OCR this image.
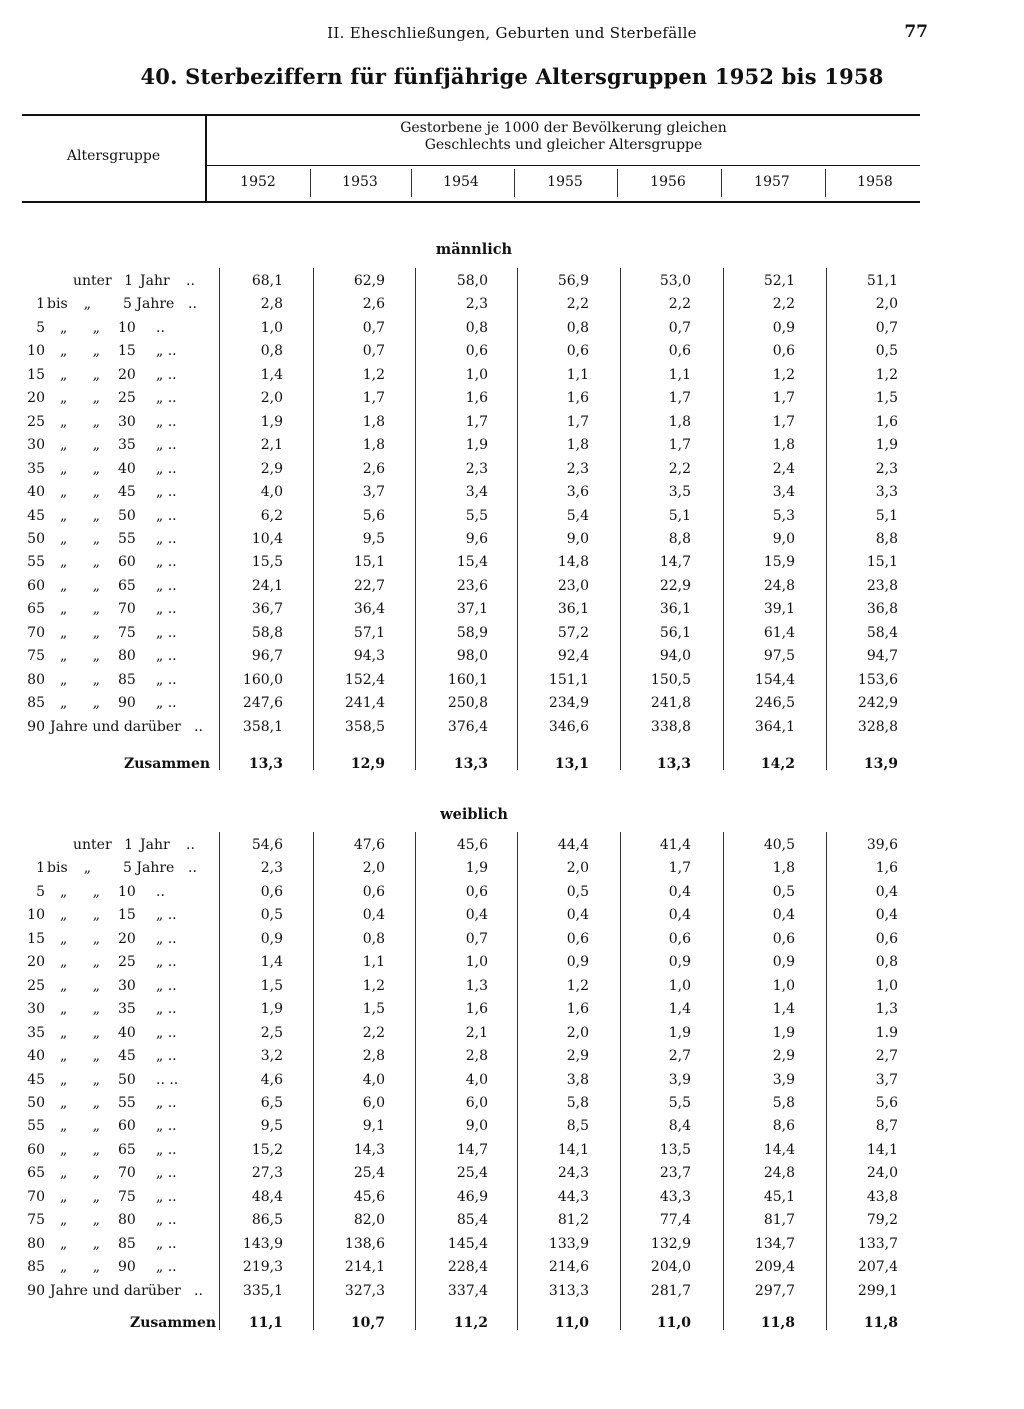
II. Eheschließungen, Geburten und Sterbefälle	77
40. Sterbeziffern für fünfjährige Altersgruppen 1952 bis 1958
Altersgruppe
Gestorbene je 1000 der Bevölkerung gleichen
Geschlechts und gleicher Altersgruppe
1952	1953	1954	1955	1956	1957	1958
männlich
unter 1 Jahr ..	68,1	62,9	58,0	56,9	53,0	52,1	51,1
1 bis	„ 5 Jahre ..	2,8	2,6	2,3	2,2	2,2	2,2	2,0
5 „	„ 10 ..	1,0	0,7	0,8	0,8	0,7	0,9	0,7
10 „	„ 15 „ ..	0,8	0,7	0,6	0,6	0,6	0,6	0,5
15 „	„ 20 „ ..	1,4	1,2	1,0	1,1	1,1	1,2	1,2
20 „	„ 25 „ ..	2,0	1,7	1,6	1,6	1,7	1,7	1,5
25 „	„ 30 „ ..	1,9	1,8	1,7	1,7	1,8	1,7	1,6
30 „	„ 35 „ ..	2,1	1,8	1,9	1,8	1,7	1,8	1,9
35 „	„ 40 „ ..	2,9	2,6	2,3	2,3	2,2	2,4	2,3
40 „	„ 45 „ ..	4,0	3,7	3,4	3,6	3,5	3,4	3,3
45 „	„ 50 „ ..	6,2	5,6	5,5	5,4	5,1	5,3	5,1
50 „	„ 55 „ ..	10,4	9,5	9,6	9,0	8,8	9,0	8,8
55 „	„ 60 „ ..	15,5	15,1	15,4	14,8	14,7	15,9	15,1
60 „	„ 65 „ ..	24,1	22,7	23,6	23,0	22,9	24,8	23,8
65 „	„ 70 „ ..	36,7	36,4	37,1	36,1	36,1	39,1	36,8
70 „	„ 75 „ ..	58,8	57,1	58,9	57,2	56,1	61,4	58,4
75 „	„ 80 „ ..	96,7	94,3	98,0	92,4	94,0	97,5	94,7
80 „	„ 85 „ ..	160,0	152,4	160,1	151,1	150,5	154,4	153,6
85 „	„ 90 „ ..	247,6	241,4	250,8	234,9	241,8	246,5	242,9
90 Jahre und darüber ..	358,1	358,5	376,4	346,6	338,8	364,1	328,8
Zusammen	13,3	12,9	13,3	13,1	13,3	14,2	13,9
weiblich
unter 1 Jahr ..	54,6	47,6	45,6	44,4	41,4	40,5	39,6
1 bis	„ 5 Jahre ..	2,3	2,0	1,9	2,0	1,7	1,8	1,6
5 „	„ 10 ..	0,6	0,6	0,6	0,5	0,4	0,5	0,4
10 „	„ 15 „ ..	0,5	0,4	0,4	0,4	0,4	0,4	0,4
15 „	„ 20 „ ..	0,9	0,8	0,7	0,6	0,6	0,6	0,6
20 „	„ 25 „ ..	1,4	1,1	1,0	0,9	0,9	0,9	0,8
25 „	„ 30 „ ..	1,5	1,2	1,3	1,2	1,0	1,0	1,0
30 „	„ 35 „ ..	1,9	1,5	1,6	1,6	1,4	1,4	1,3
35 „	„ 40 „ ..	2,5	2,2	2,1	2,0	1,9	1,9	1.9
40 „	„ 45 „ ..	3,2	2,8	2,8	2,9	2,7	2,9	2,7
45 „	„ 50 .. ..	4,6	4,0	4,0	3,8	3,9	3,9	3,7
50 „	„ 55 „ ..	6,5	6,0	6,0	5,8	5,5	5,8	5,6
55 „	„ 60 „ ..	9,5	9,1	9,0	8,5	8,4	8,6	8,7
60 „	„ 65 „ ..	15,2	14,3	14,7	14,1	13,5	14,4	14,1
65 „	„ 70 „ ..	27,3	25,4	25,4	24,3	23,7	24,8	24,0
70 „	„ 75 „ ..	48,4	45,6	46,9	44,3	43,3	45,1	43,8
75 „	„ 80 „ ..	86,5	82,0	85,4	81,2	77,4	81,7	79,2
80 „	„ 85 „ ..	143,9	138,6	145,4	133,9	132,9	134,7	133,7
85 „	„ 90 „ ..	219,3	214,1	228,4	214,6	204,0	209,4	207,4
90 Jahre und darüber ..	335,1	327,3	337,4	313,3	281,7	297,7	299,1
Zusammen	11,1	10,7	11,2	11,0	11,0	11,8	11,8
